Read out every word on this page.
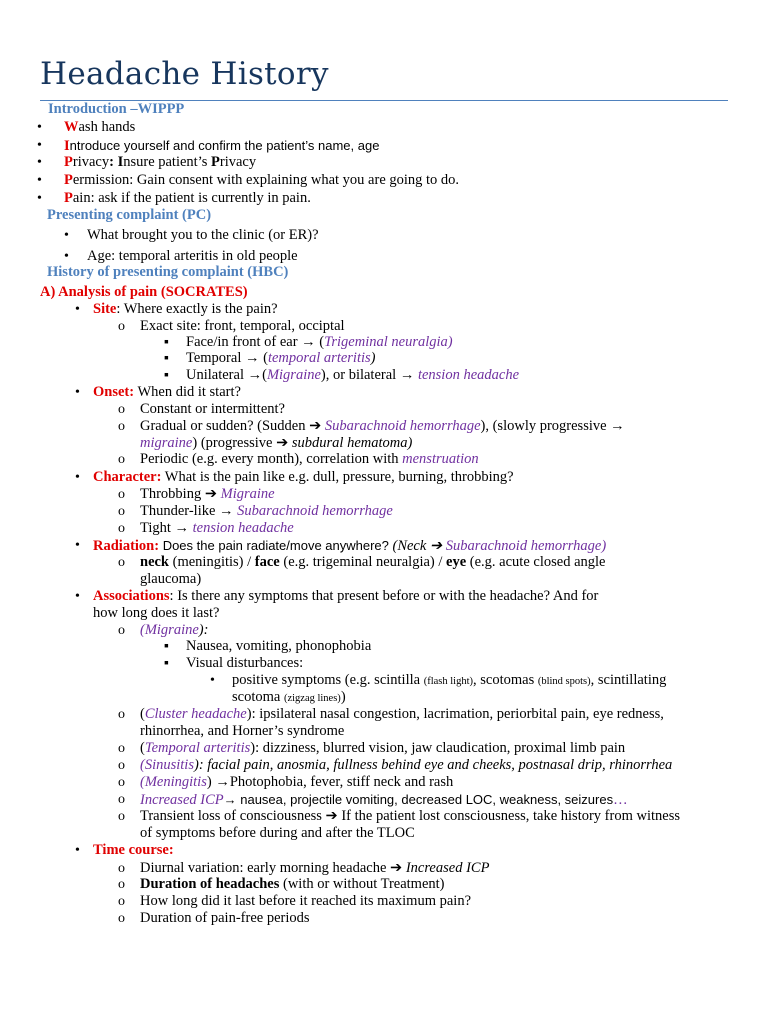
Headache History
Introduction –WIPPP
• Wash hands
• Introduce yourself and confirm the patient’s name, age
• Privacy: Insure patient’s Privacy
• Permission: Gain consent with explaining what you are going to do.
• Pain: ask if the patient is currently in pain.
Presenting complaint (PC)
• What brought you to the clinic (or ER)?
• Age: temporal arteritis in old people
History of presenting complaint (HBC)
A) Analysis of pain (SOCRATES)
• Site: Where exactly is the pain?
o Exact site: front, temporal, occiptal
▪ Face/in front of ear → (Trigeminal neuralgia)
▪ Temporal → (temporal arteritis)
▪ Unilateral →(Migraine), or bilateral → tension headache
• Onset: When did it start?
o Constant or intermittent?
o Gradual or sudden? (Sudden ➔ Subarachnoid hemorrhage), (slowly progressive →
migraine) (progressive ➔ subdural hematoma)
o Periodic (e.g. every month), correlation with menstruation
• Character: What is the pain like e.g. dull, pressure, burning, throbbing?
o Throbbing ➔ Migraine
o Thunder-like → Subarachnoid hemorrhage
o Tight → tension headache
• Radiation: Does the pain radiate/move anywhere? (Neck ➔ Subarachnoid hemorrhage)
o neck (meningitis) / face (e.g. trigeminal neuralgia) / eye (e.g. acute closed angle
glaucoma)
• Associations: Is there any symptoms that present before or with the headache? And for
how long does it last?
o (Migraine):
▪ Nausea, vomiting, phonophobia
▪ Visual disturbances:
• positive symptoms (e.g. scintilla (flash light), scotomas (blind spots), scintillating
scotoma (zigzag lines))
o (Cluster headache): ipsilateral nasal congestion, lacrimation, periorbital pain, eye redness,
rhinorrhea, and Horner’s syndrome
o (Temporal arteritis): dizziness, blurred vision, jaw claudication, proximal limb pain
o (Sinusitis): facial pain, anosmia, fullness behind eye and cheeks, postnasal drip, rhinorrhea
o (Meningitis) →Photophobia, fever, stiff neck and rash
o Increased ICP→ nausea, projectile vomiting, decreased LOC, weakness, seizures…
o Transient loss of consciousness ➔ If the patient lost consciousness, take history from witness
of symptoms before during and after the TLOC
• Time course:
o Diurnal variation: early morning headache ➔ Increased ICP
o Duration of headaches (with or without Treatment)
o How long did it last before it reached its maximum pain?
o Duration of pain-free periods
